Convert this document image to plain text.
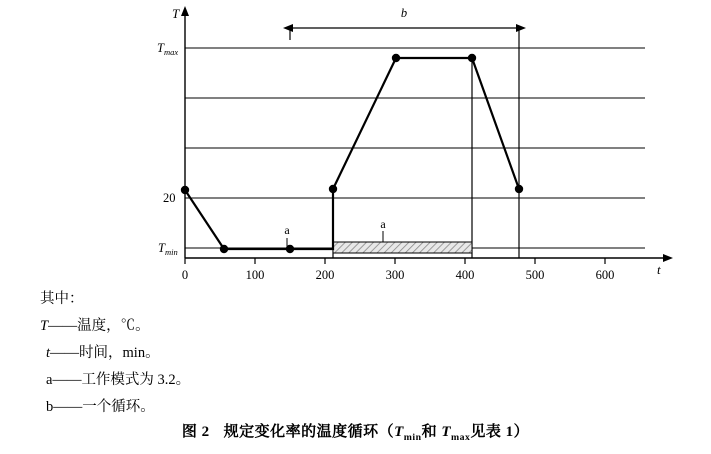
T
t
$T_{min}$
20
$T_{max}$
0	100	200	300	400	500	600
b
a
a
其中：
T——温度，℃。
t——时间，min。
a——工作模式为 3.2。
b——一个循环。
图 2 规定变化率的温度循环（$T_{min}$和 $T_{max}$见表 1）
